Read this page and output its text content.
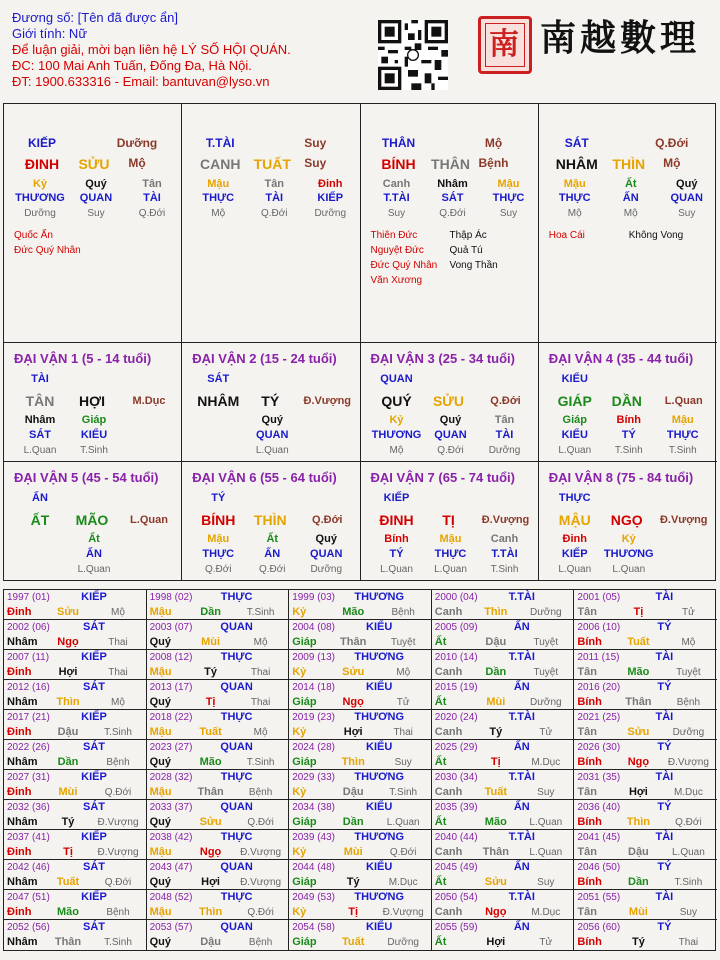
Đương số: [Tên đã được ẩn]
Giới tính: Nữ
Để luận giải, mời bạn liên hệ LÝ SỐ HỘI QUÁN.
ĐC: 100 Mai Anh Tuấn, Đống Đa, Hà Nội.
ĐT: 1900.633316 - Email: bantuvan@lyso.vn
南 南越數理
KIẾP	Dưỡng
ĐINH	SỬU	Mộ
Kỷ	Quý	Tân
THƯƠNG	QUAN	TÀI
Dưỡng	Suy	Q.Đới
Quốc Ấn
Đức Quý Nhân
T.TÀI	Suy
CANH TUẤT	Suy
Mậu	Tân	Đinh
THỰC	TÀI	KIẾP
Mộ	Q.Đới	Dưỡng
THÂN	Mộ
BÍNH	THÂN Bệnh
Canh	Nhâm	Mậu
T.TÀI	SÁT	THỰC
Suy	Q.Đới	Suy
Thiên Đức
Nguyệt Đức
Đức Quý Nhân
Văn Xương
Thập Ác
Quả Tú
Vong Thần
SÁT	Q.Đới
NHÂM	THÌN	Mộ
Mậu	Ất	Quý
THỰC	ẤN	QUAN
Mộ	Mộ	Suy
Hoa Cái	Không Vong
ĐẠI VẬN 1 (5 - 14 tuổi)
TÀI
TÂN	HỢI	M.Dục
Nhâm	Giáp
SÁT	KIỂU
L.Quan	T.Sinh
ĐẠI VẬN 2 (15 - 24 tuổi)
SÁT
NHÂM	TÝ	Đ.Vượng
Quý
QUAN
L.Quan
ĐẠI VẬN 3 (25 - 34 tuổi)
QUAN
QUÝ	SỬU	Q.Đới
Kỷ	Quý	Tân
THƯƠNG	QUAN	TÀI
Mộ	Q.Đới	Dưỡng
ĐẠI VẬN 4 (35 - 44 tuổi)
KIỂU
GIÁP	DẦN	L.Quan
Giáp	Bính	Mậu
KIỂU	TÝ	THỰC
L.Quan	T.Sinh	T.Sinh
ĐẠI VẬN 5 (45 - 54 tuổi)
ẤN
ẤT	MÃO	L.Quan
Ất
ẤN
L.Quan
ĐẠI VẬN 6 (55 - 64 tuổi)
TÝ
BÍNH	THÌN	Q.Đới
Mậu	Ất	Quý
THỰC	ẤN	QUAN
Q.Đới	Q.Đới	Dưỡng
ĐẠI VẬN 7 (65 - 74 tuổi)
KIẾP
ĐINH	TỊ	Đ.Vượng
Bính	Mậu	Canh
TÝ	THỰC	T.TÀI
L.Quan	L.Quan	T.Sinh
ĐẠI VẬN 8 (75 - 84 tuổi)
THỰC
MẬU	NGỌ	Đ.Vượng
Đinh	Kỷ
KIẾP	THƯƠNG
L.Quan	L.Quan
1997 (01)	KIẾP
Đinh	Sửu	Mộ
1998 (02)	THỰC
Mậu	Dần	T.Sinh
1999 (03)	THƯƠNG
Kỷ	Mão	Bệnh
2000 (04)	T.TÀI
Canh	Thìn	Dưỡng
2001 (05)	TÀI
Tân	Tị	Tử
2002 (06)	SÁT
Nhâm	Ngọ	Thai
2003 (07)	QUAN
Quý	Mùi	Mộ
2004 (08)	KIỂU
Giáp	Thân	Tuyệt
2005 (09)	ẤN
Ất	Dậu	Tuyệt
2006 (10)	TÝ
Bính	Tuất	Mộ
2007 (11)	KIẾP
Đinh	Hợi	Thai
2008 (12)	THỰC
Mậu	Tý	Thai
2009 (13)	THƯƠNG
Kỷ	Sửu	Mộ
2010 (14)	T.TÀI
Canh	Dần	Tuyệt
2011 (15)	TÀI
Tân	Mão	Tuyệt
2012 (16)	SÁT
Nhâm	Thìn	Mộ
2013 (17)	QUAN
Quý	Tị	Thai
2014 (18)	KIỂU
Giáp	Ngọ	Tử
2015 (19)	ẤN
Ất	Mùi	Dưỡng
2016 (20)	TÝ
Bính	Thân	Bệnh
2017 (21)	KIẾP
Đinh	Dậu	T.Sinh
2018 (22)	THỰC
Mậu	Tuất	Mộ
2019 (23)	THƯƠNG
Kỷ	Hợi	Thai
2020 (24)	T.TÀI
Canh	Tý	Tử
2021 (25)	TÀI
Tân	Sửu	Dưỡng
2022 (26)	SÁT
Nhâm	Dần	Bệnh
2023 (27)	QUAN
Quý	Mão	T.Sinh
2024 (28)	KIỂU
Giáp	Thìn	Suy
2025 (29)	ẤN
Ất	Tị	M.Dục
2026 (30)	TÝ
Bính	Ngọ	Đ.Vượng
2027 (31)	KIẾP
Đinh	Mùi	Q.Đới
2028 (32)	THỰC
Mậu	Thân	Bệnh
2029 (33)	THƯƠNG
Kỷ	Dậu	T.Sinh
2030 (34)	T.TÀI
Canh	Tuất	Suy
2031 (35)	TÀI
Tân	Hợi	M.Dục
2032 (36)	SÁT
Nhâm	Tý	Đ.Vượng
2033 (37)	QUAN
Quý	Sửu	Q.Đới
2034 (38)	KIỂU
Giáp	Dần	L.Quan
2035 (39)	ẤN
Ất	Mão	L.Quan
2036 (40)	TÝ
Bính	Thìn	Q.Đới
2037 (41)	KIẾP
Đinh	Tị	Đ.Vượng
2038 (42)	THỰC
Mậu	Ngọ	Đ.Vượng
2039 (43)	THƯƠNG
Kỷ	Mùi	Q.Đới
2040 (44)	T.TÀI
Canh	Thân	L.Quan
2041 (45)	TÀI
Tân	Dậu	L.Quan
2042 (46)	SÁT
Nhâm	Tuất	Q.Đới
2043 (47)	QUAN
Quý	Hợi	Đ.Vượng
2044 (48)	KIỂU
Giáp	Tý	M.Dục
2045 (49)	ẤN
Ất	Sửu	Suy
2046 (50)	TÝ
Bính	Dần	T.Sinh
2047 (51)	KIẾP
Đinh	Mão	Bệnh
2048 (52)	THỰC
Mậu	Thìn	Q.Đới
2049 (53)	THƯƠNG
Kỷ	Tị	Đ.Vượng
2050 (54)	T.TÀI
Canh	Ngọ	M.Dục
2051 (55)	TÀI
Tân	Mùi	Suy
2052 (56)	SÁT
Nhâm	Thân	T.Sinh
2053 (57)	QUAN
Quý	Dậu	Bệnh
2054 (58)	KIỂU
Giáp	Tuất	Dưỡng
2055 (59)	ẤN
Ất	Hợi	Tử
2056 (60)	TÝ
Bính	Tý	Thai
